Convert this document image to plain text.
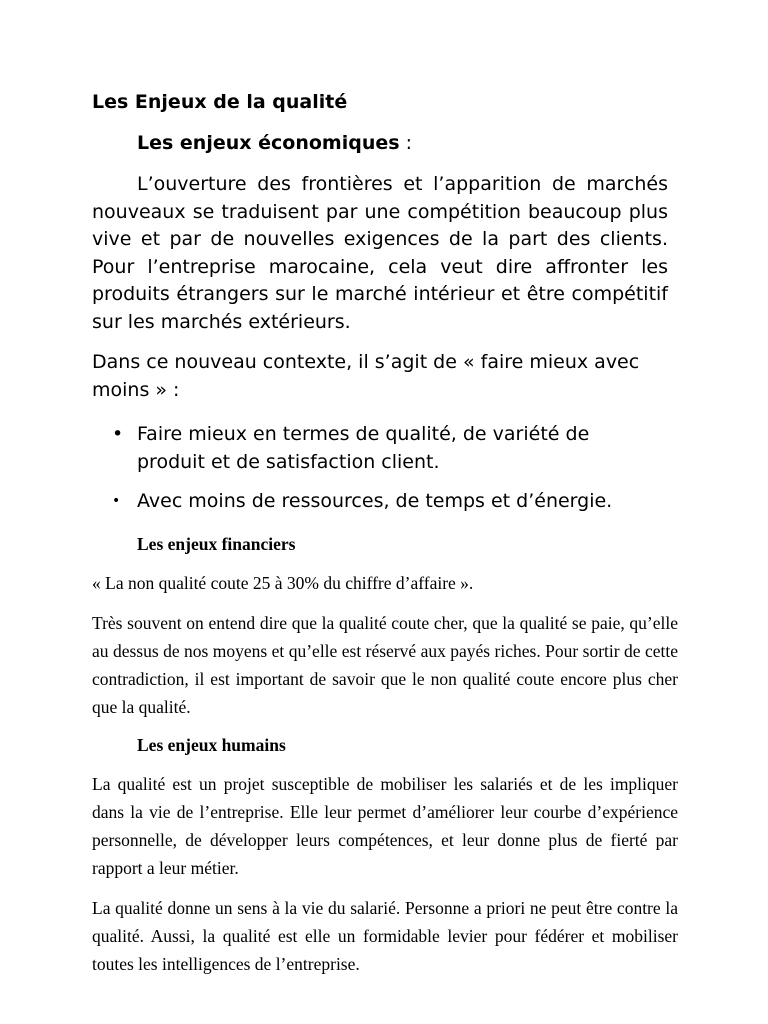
Les Enjeux de la qualité
Les enjeux économiques :

L’ouverture des frontières et l’apparition de marchés nouveaux se traduisent par une compétition beaucoup plus vive et par de nouvelles exigences de la part des clients. Pour l’entreprise marocaine, cela veut dire affronter les produits étrangers sur le marché intérieur et être compétitif sur les marchés extérieurs.

Dans ce nouveau contexte, il s’agit de « faire mieux avec moins » :

• Faire mieux en termes de qualité, de variété de produit et de satisfaction client.
• Avec moins de ressources, de temps et d’énergie.
Les enjeux financiers

« La non qualité coute 25 à 30% du chiffre d’affaire ».

Très souvent on entend dire que la qualité coute cher, que la qualité se paie, qu’elle au dessus de nos moyens et qu’elle est réservé aux payés riches. Pour sortir de cette contradiction, il est important de savoir que le non qualité coute encore plus cher que la qualité.

Les enjeux humains

La qualité est un projet susceptible de mobiliser les salariés et de les impliquer dans la vie de l’entreprise. Elle leur permet d’améliorer leur courbe d’expérience personnelle, de développer leurs compétences, et leur donne plus de fierté par rapport a leur métier.

La qualité donne un sens à la vie du salarié. Personne a priori ne peut être contre la qualité. Aussi, la qualité est elle un formidable levier pour fédérer et mobiliser toutes les intelligences de l’entreprise.
